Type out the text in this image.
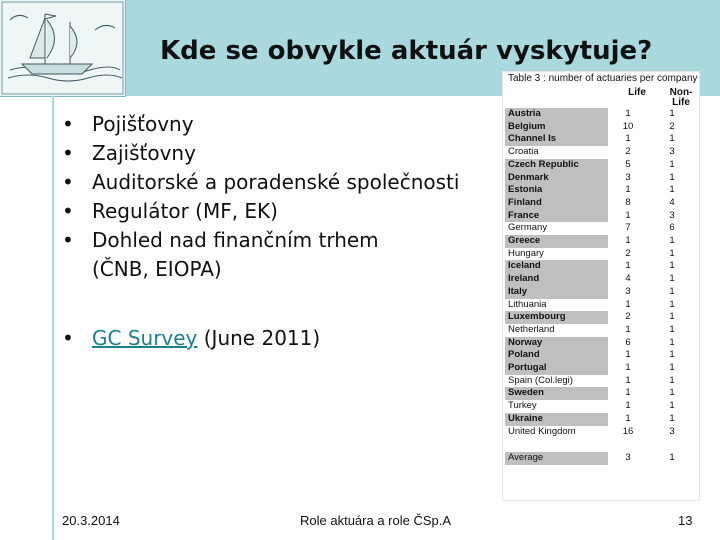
Kde se obvykle aktuár vyskytuje?
• Pojišťovny
• Zajišťovny
• Auditorské a poradenské společnosti
• Regulátor (MF, EK)
• Dohled nad finančním trhem
(ČNB, EIOPA)
• GC Survey (June 2011)
Table 3 : number of actuaries per company
Life	Non-Life
Austria	1	1
Belgium	10	2
Channel Is	1	1
Croatia	2	3
Czech Republic	5	1
Denmark	3	1
Estonia	1	1
Finland	8	4
France	1	3
Germany	7	6
Greece	1	1
Hungary	2	1
Iceland	1	1
Ireland	4	1
Italy	3	1
Lithuania	1	1
Luxembourg	2	1
Netherland	1	1
Norway	6	1
Poland	1	1
Portugal	1	1
Spain (Col.legi)	1	1
Sweden	1	1
Turkey	1	1
Ukraine	1	1
United Kingdom	16	3
Average	3	1
20.3.2014	Role aktuára a role ČSp.A	13
